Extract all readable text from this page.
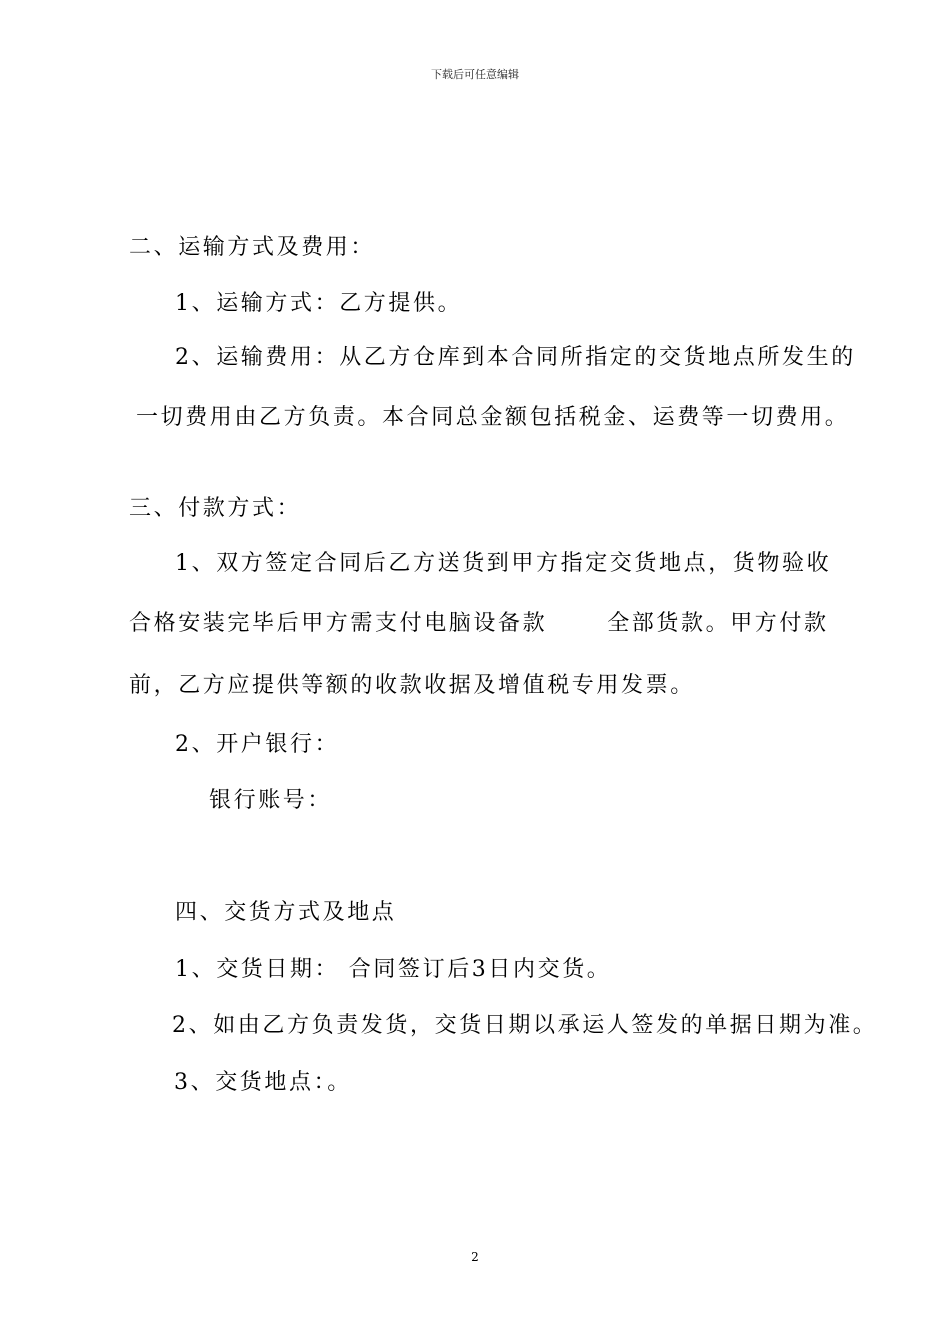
下载后可任意编辑
二、运输方式及费用：
1、运输方式：乙方提供。
2、运输费用：从乙方仓库到本合同所指定的交货地点所发生的
一切费用由乙方负责。本合同总金额包括税金、运费等一切费用。
三、付款方式：
1、双方签定合同后乙方送货到甲方指定交货地点，货物验收
合格安装完毕后甲方需支付电脑设备款	全部货款。甲方付款
前，乙方应提供等额的收款收据及增值税专用发票。
2、开户银行：
银行账号：
四、交货方式及地点
1、交货日期： 合同签订后3日内交货。
2、如由乙方负责发货，交货日期以承运人签发的单据日期为准。
3、交货地点：。
2
